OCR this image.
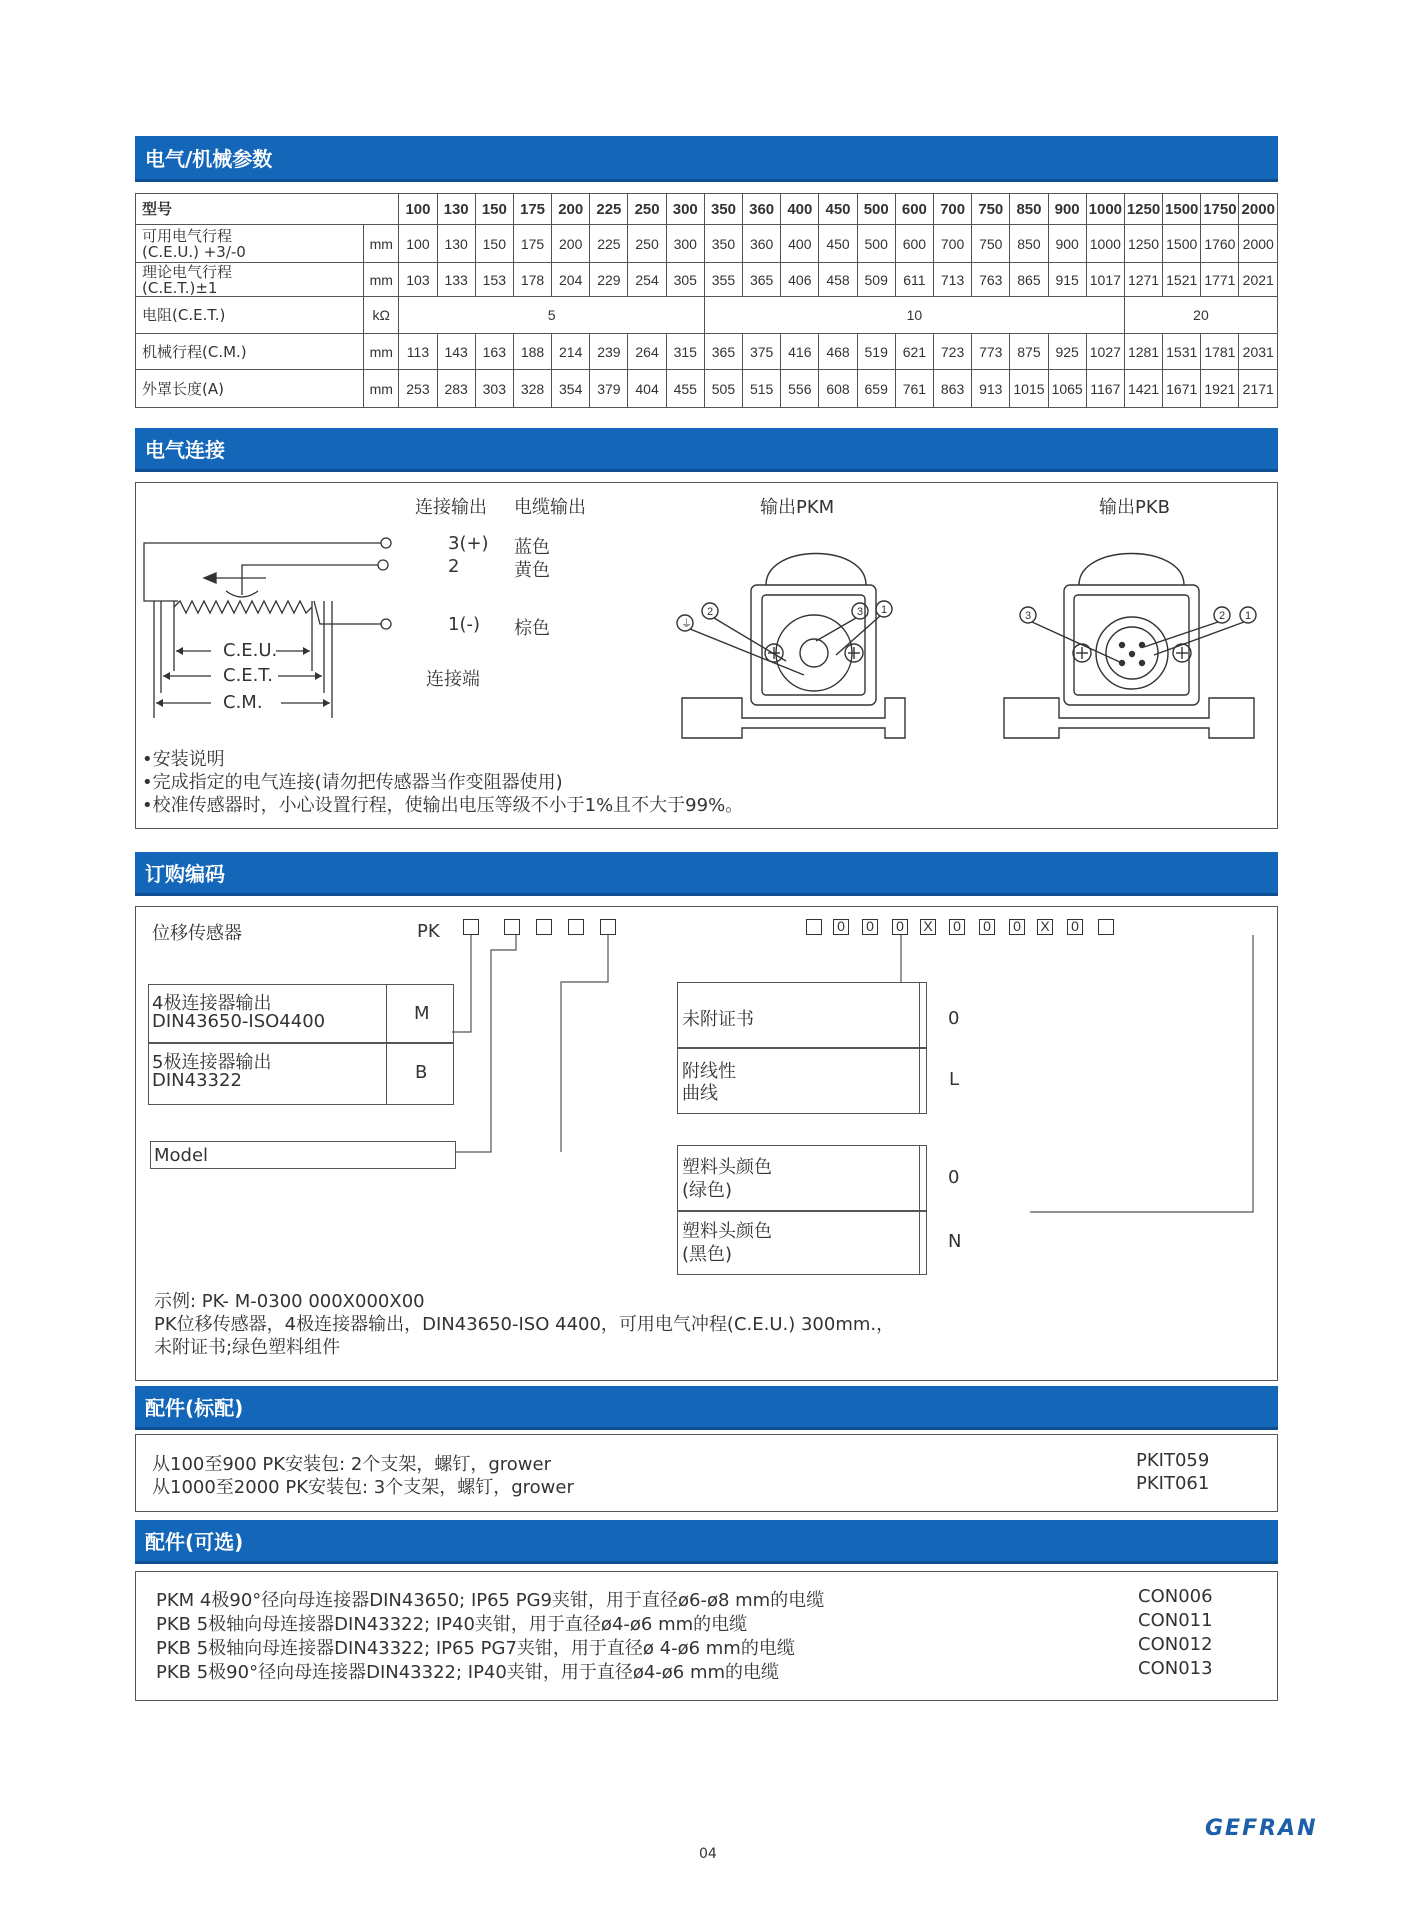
电气/机械参数
型号		100	130	150	175	200	225	250	300	350	360	400	450	500	600	700	750	850	900	1000	1250	1500	1750	2000
可用电气行程
(C.E.U.) +3/-0	mm	100	130	150	175	200	225	250	300	350	360	400	450	500	600	700	750	850	900	1000	1250	1500	1760	2000
理论电气行程
(C.E.T.)±1	mm	103	133	153	178	204	229	254	305	355	365	406	458	509	611	713	763	865	915	1017	1271	1521	1771	2021
电阻(C.E.T.)	kΩ	5								10											20			
机械行程(C.M.)	mm	113	143	163	188	214	239	264	315	365	375	416	468	519	621	723	773	875	925	1027	1281	1531	1781	2031
外罩长度(A)	mm	253	283	303	328	354	379	404	455	505	515	556	608	659	761	863	913	1015	1065	1167	1421	1671	1921	2171
电气连接
连接输出 电缆输出
C.E.U.
C.E.T.
C.M.
3(+) 蓝色
2	黄色
1(-) 棕色
连接端
输出PKM
2	3 1
⏚
输出PKB
3	2 1
•安装说明
•完成指定的电气连接(请勿把传感器当作变阻器使用)
•校准传感器时，小心设置行程，使输出电压等级不小于1%且不大于99%。
订购编码
位移传感器	PK	0 0 0 X 0 0 0 X 0
4极连接器输出
DIN43650-ISO4400	M
5极连接器输出
DIN43322	B
Model
未附证书	0
附线性
曲线
L
塑料头颜色
(绿色)
0
塑料头颜色
(黑色)
N
示例: PK- M-0300 000X000X00
PK位移传感器，4极连接器输出，DIN43650-ISO 4400，可用电气冲程(C.E.U.) 300mm.，
未附证书;绿色塑料组件
配件(标配)
从100至900 PK安装包: 2个支架，螺钉，grower	PKIT059
从1000至2000 PK安装包: 3个支架，螺钉，grower	PKIT061
配件(可选)
PKM 4极90°径向母连接器DIN43650; IP65 PG9夹钳，用于直径ø6-ø8 mm的电缆	CON006
PKB 5极轴向母连接器DIN43322; IP40夹钳，用于直径ø4-ø6 mm的电缆	CON011
PKB 5极轴向母连接器DIN43322; IP65 PG7夹钳，用于直径ø 4-ø6 mm的电缆	CON012
PKB 5极90°径向母连接器DIN43322; IP40夹钳，用于直径ø4-ø6 mm的电缆	CON013
GEFRAN
04
